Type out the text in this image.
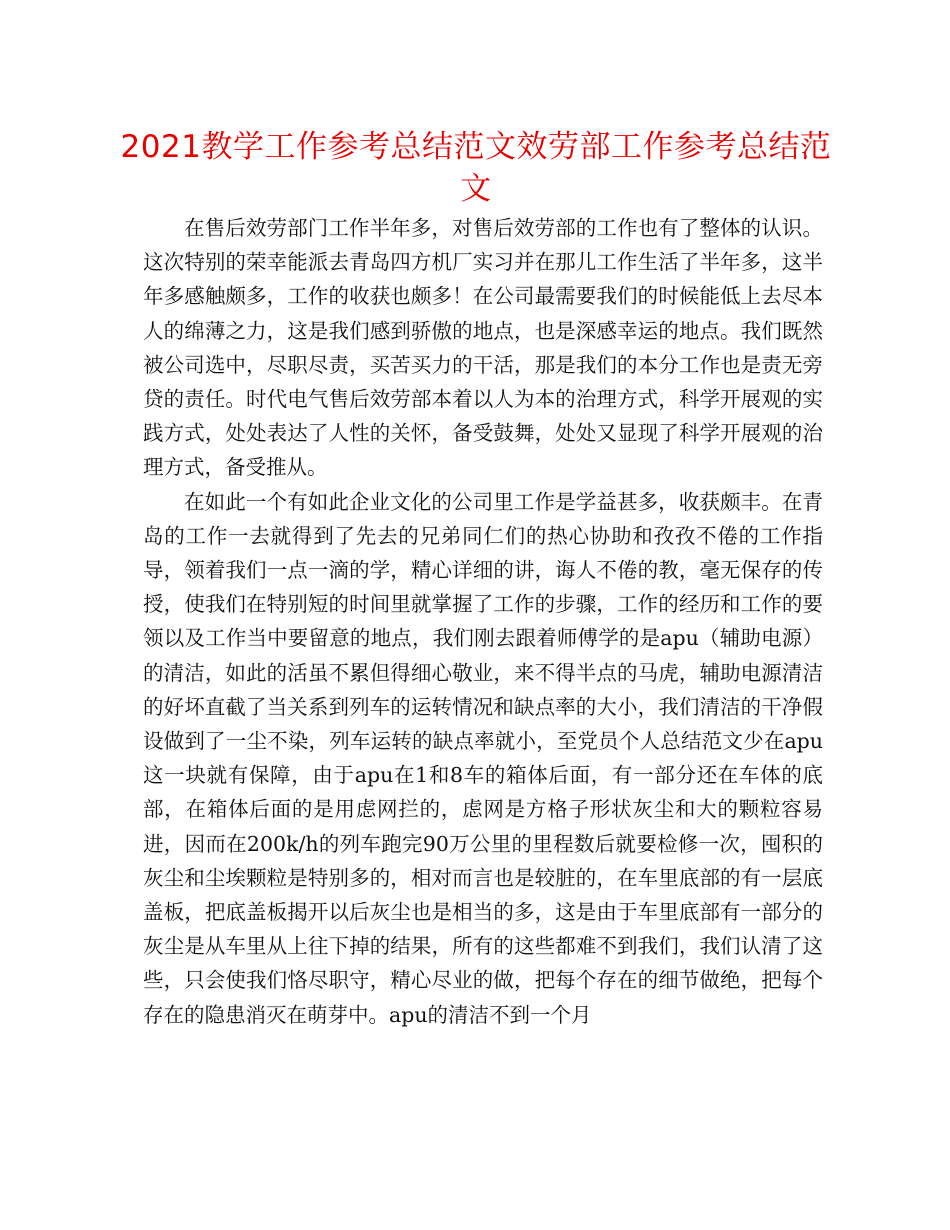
2021教学工作参考总结范文效劳部工作参考总结范文

在售后效劳部门工作半年多，对售后效劳部的工作也有了整体的认识。这次特别的荣幸能派去青岛四方机厂实习并在那儿工作生活了半年多，这半年多感触颇多，工作的收获也颇多！在公司最需要我们的时候能低上去尽本人的绵薄之力，这是我们感到骄傲的地点，也是深感幸运的地点。我们既然被公司选中，尽职尽责，买苦买力的干活，那是我们的本分工作也是责无旁贷的责任。时代电气售后效劳部本着以人为本的治理方式，科学开展观的实践方式，处处表达了人性的关怀，备受鼓舞，处处又显现了科学开展观的治理方式，备受推从。

在如此一个有如此企业文化的公司里工作是学益甚多，收获颇丰。在青岛的工作一去就得到了先去的兄弟同仁们的热心协助和孜孜不倦的工作指导，领着我们一点一滴的学，精心详细的讲，诲人不倦的教，毫无保存的传授，使我们在特别短的时间里就掌握了工作的步骤，工作的经历和工作的要领以及工作当中要留意的地点，我们刚去跟着师傅学的是apu（辅助电源）的清洁，如此的活虽不累但得细心敬业，来不得半点的马虎，辅助电源清洁的好坏直截了当关系到列车的运转情况和缺点率的大小，我们清洁的干净假设做到了一尘不染，列车运转的缺点率就小，至党员个人总结范文少在apu这一块就有保障，由于apu在1和8车的箱体后面，有一部分还在车体的底部，在箱体后面的是用虑网拦的，虑网是方格子形状灰尘和大的颗粒容易进，因而在200k/h的列车跑完90万公里的里程数后就要检修一次，囤积的灰尘和尘埃颗粒是特别多的，相对而言也是较脏的，在车里底部的有一层底盖板，把底盖板揭开以后灰尘也是相当的多，这是由于车里底部有一部分的灰尘是从车里从上往下掉的结果，所有的这些都难不到我们，我们认清了这些，只会使我们恪尽职守，精心尽业的做，把每个存在的细节做绝，把每个存在的隐患消灭在萌芽中。apu的清洁不到一个月
